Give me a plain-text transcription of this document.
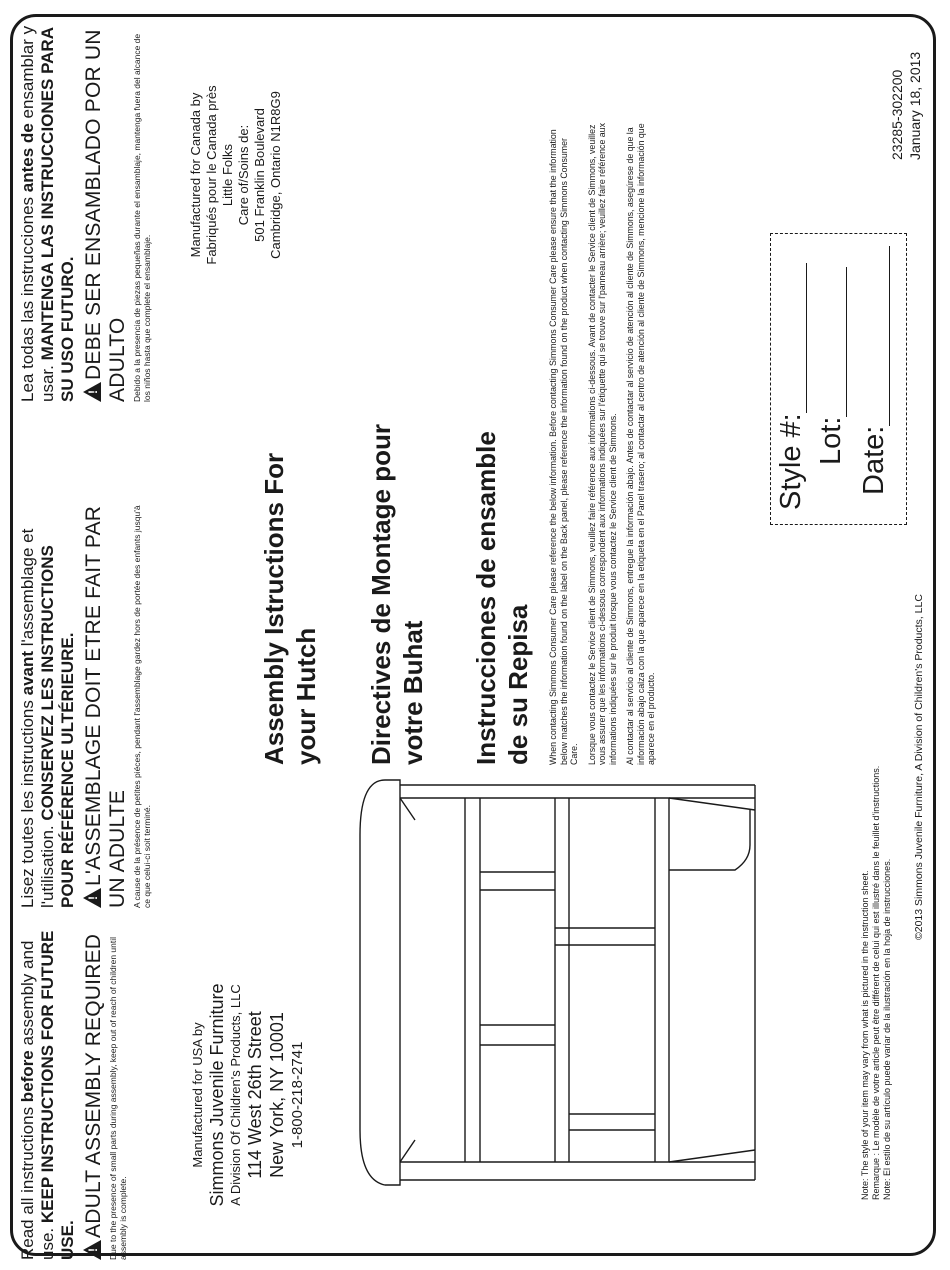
Read all instructions before assembly and use. KEEP INSTRUCTIONS FOR FUTURE USE.

!ADULT ASSEMBLY REQUIRED Due to the presence of small parts during assembly, keep out of reach of children until assembly is complete.

Lisez toutes les instructions avant l'assemblage et l'utilisation. CONSERVEZ LES INSTRUCTIONS POUR RÉFÉRENCE ULTÉRIEURE.

! L'ASSEMBLAGE DOIT ETRE FAIT PAR UN ADULTE A cause de la présence de petites piéces, pendant l'assemblage gardez hors de portée des enfants jusqu'à ce que celui-ci soit terminé.

Lea todas las instrucciones antes de ensamblar y usar. MANTENGA LAS INSTRUCCIONES PARA SU USO FUTURO.

! DEBE SER ENSAMBLADO POR UN ADULTO Debido a la presencia de piezas pequeñas durante el ensamblaje, mantenga fuera del alcance de los niños hasta que complete el ensamblaje.

Manufactured for USA by Simmons Juvenile Furniture A Division Of Children's Products, LLC 114 West 26th Street New York, NY 10001 1-800-218-2741
Manufactured for Canada by Fabriqués pour le Canada près Little Folks Care of/Soins de: 501 Franklin Boulevard Cambridge, Ontario N1R8G9
Assembly Istructions For your Hutch Directives de Montage pour votre Buhat Instrucciones de ensamble de su Repisa When contacting Simmons Consumer Care please reference the below information. Before contacting Simmons Consumer Care please ensure that the information below matches the information found on the label on the Back panel, please reference the information found on the product when contacting Simmons Consumer Care. Lorsque vous contactez le Service client de Simmons, veuillez faire référence aux informations ci-dessous. Avant de contacter le Service client de Simmons, veuillez vous assurer que les informations ci-dessous correspondent aux informations indiquées sur l'étiquette qui se trouve sur l'panneau arrière; veuillez faire référence aux informations indiquées sur le produit lorsque vous contactez le Service client de Simmons. Al contactar al servicio al cliente de Simmons, entregue la información abajo. Antes de contactar al servicio de atención al cliente de Simmons, asegúrese de que la información abajo calza con la que aparece en la etiqueta en el Panel trasero; al contactar al centro de atención al cliente de Simmons, mencione la información que aparece en el producto.

Style #: Lot: Date:
Note: The style of your item may vary from what is pictured in the instruction sheet. Remarque : Le modèle de votre article peut être différent de celui qui est illustré dans le feuillet d'instructions. Note: El estilo de su artículo puede variar de la ilustración en la hoja de instrucciones.
©2013 Simmons Juvenile Furniture, A Division of Children's Products, LLC
23285-302200 January 18, 2013
